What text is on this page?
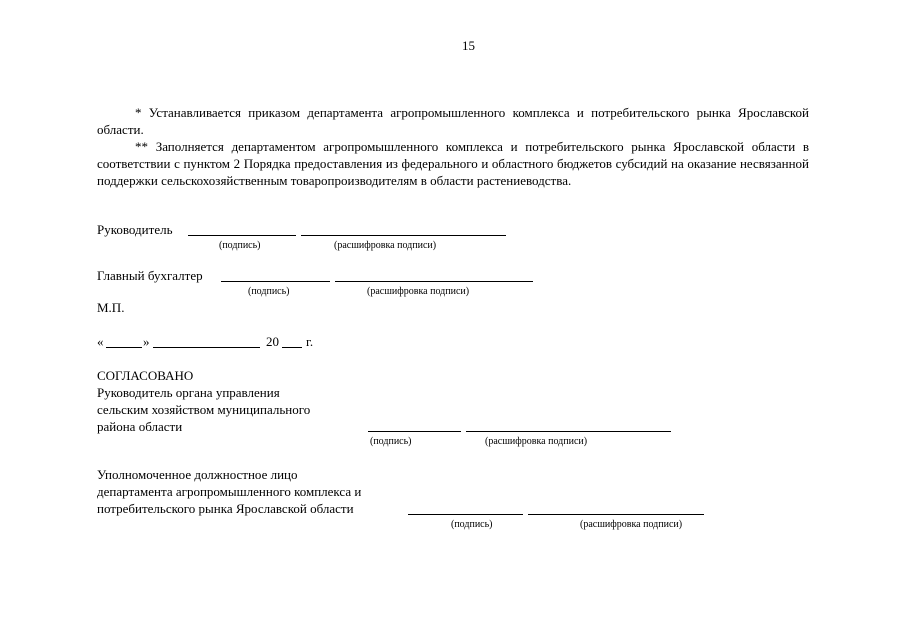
15
* Устанавливается приказом департамента агропромышленного комплекса и потребительского рынка Ярославской области.
** Заполняется департаментом агропромышленного комплекса и потребительского рынка Ярославской области в соответствии с пунктом 2 Порядка предоставления из федерального и областного бюджетов субсидий на оказание несвязанной поддержки сельскохозяйственным товаропроизводителям в области растениеводства.
Руководитель
(подпись)	(расшифровка подписи)
Главный бухгалтер
(подпись)	(расшифровка подписи)
М.П.
«	»	20 г.
СОГЛАСОВАНО
Руководитель органа управления
сельским хозяйством муниципального
района области
(подпись)	(расшифровка подписи)
Уполномоченное должностное лицо
департамента агропромышленного комплекса и
потребительского рынка Ярославской области
(подпись)	(расшифровка подписи)
